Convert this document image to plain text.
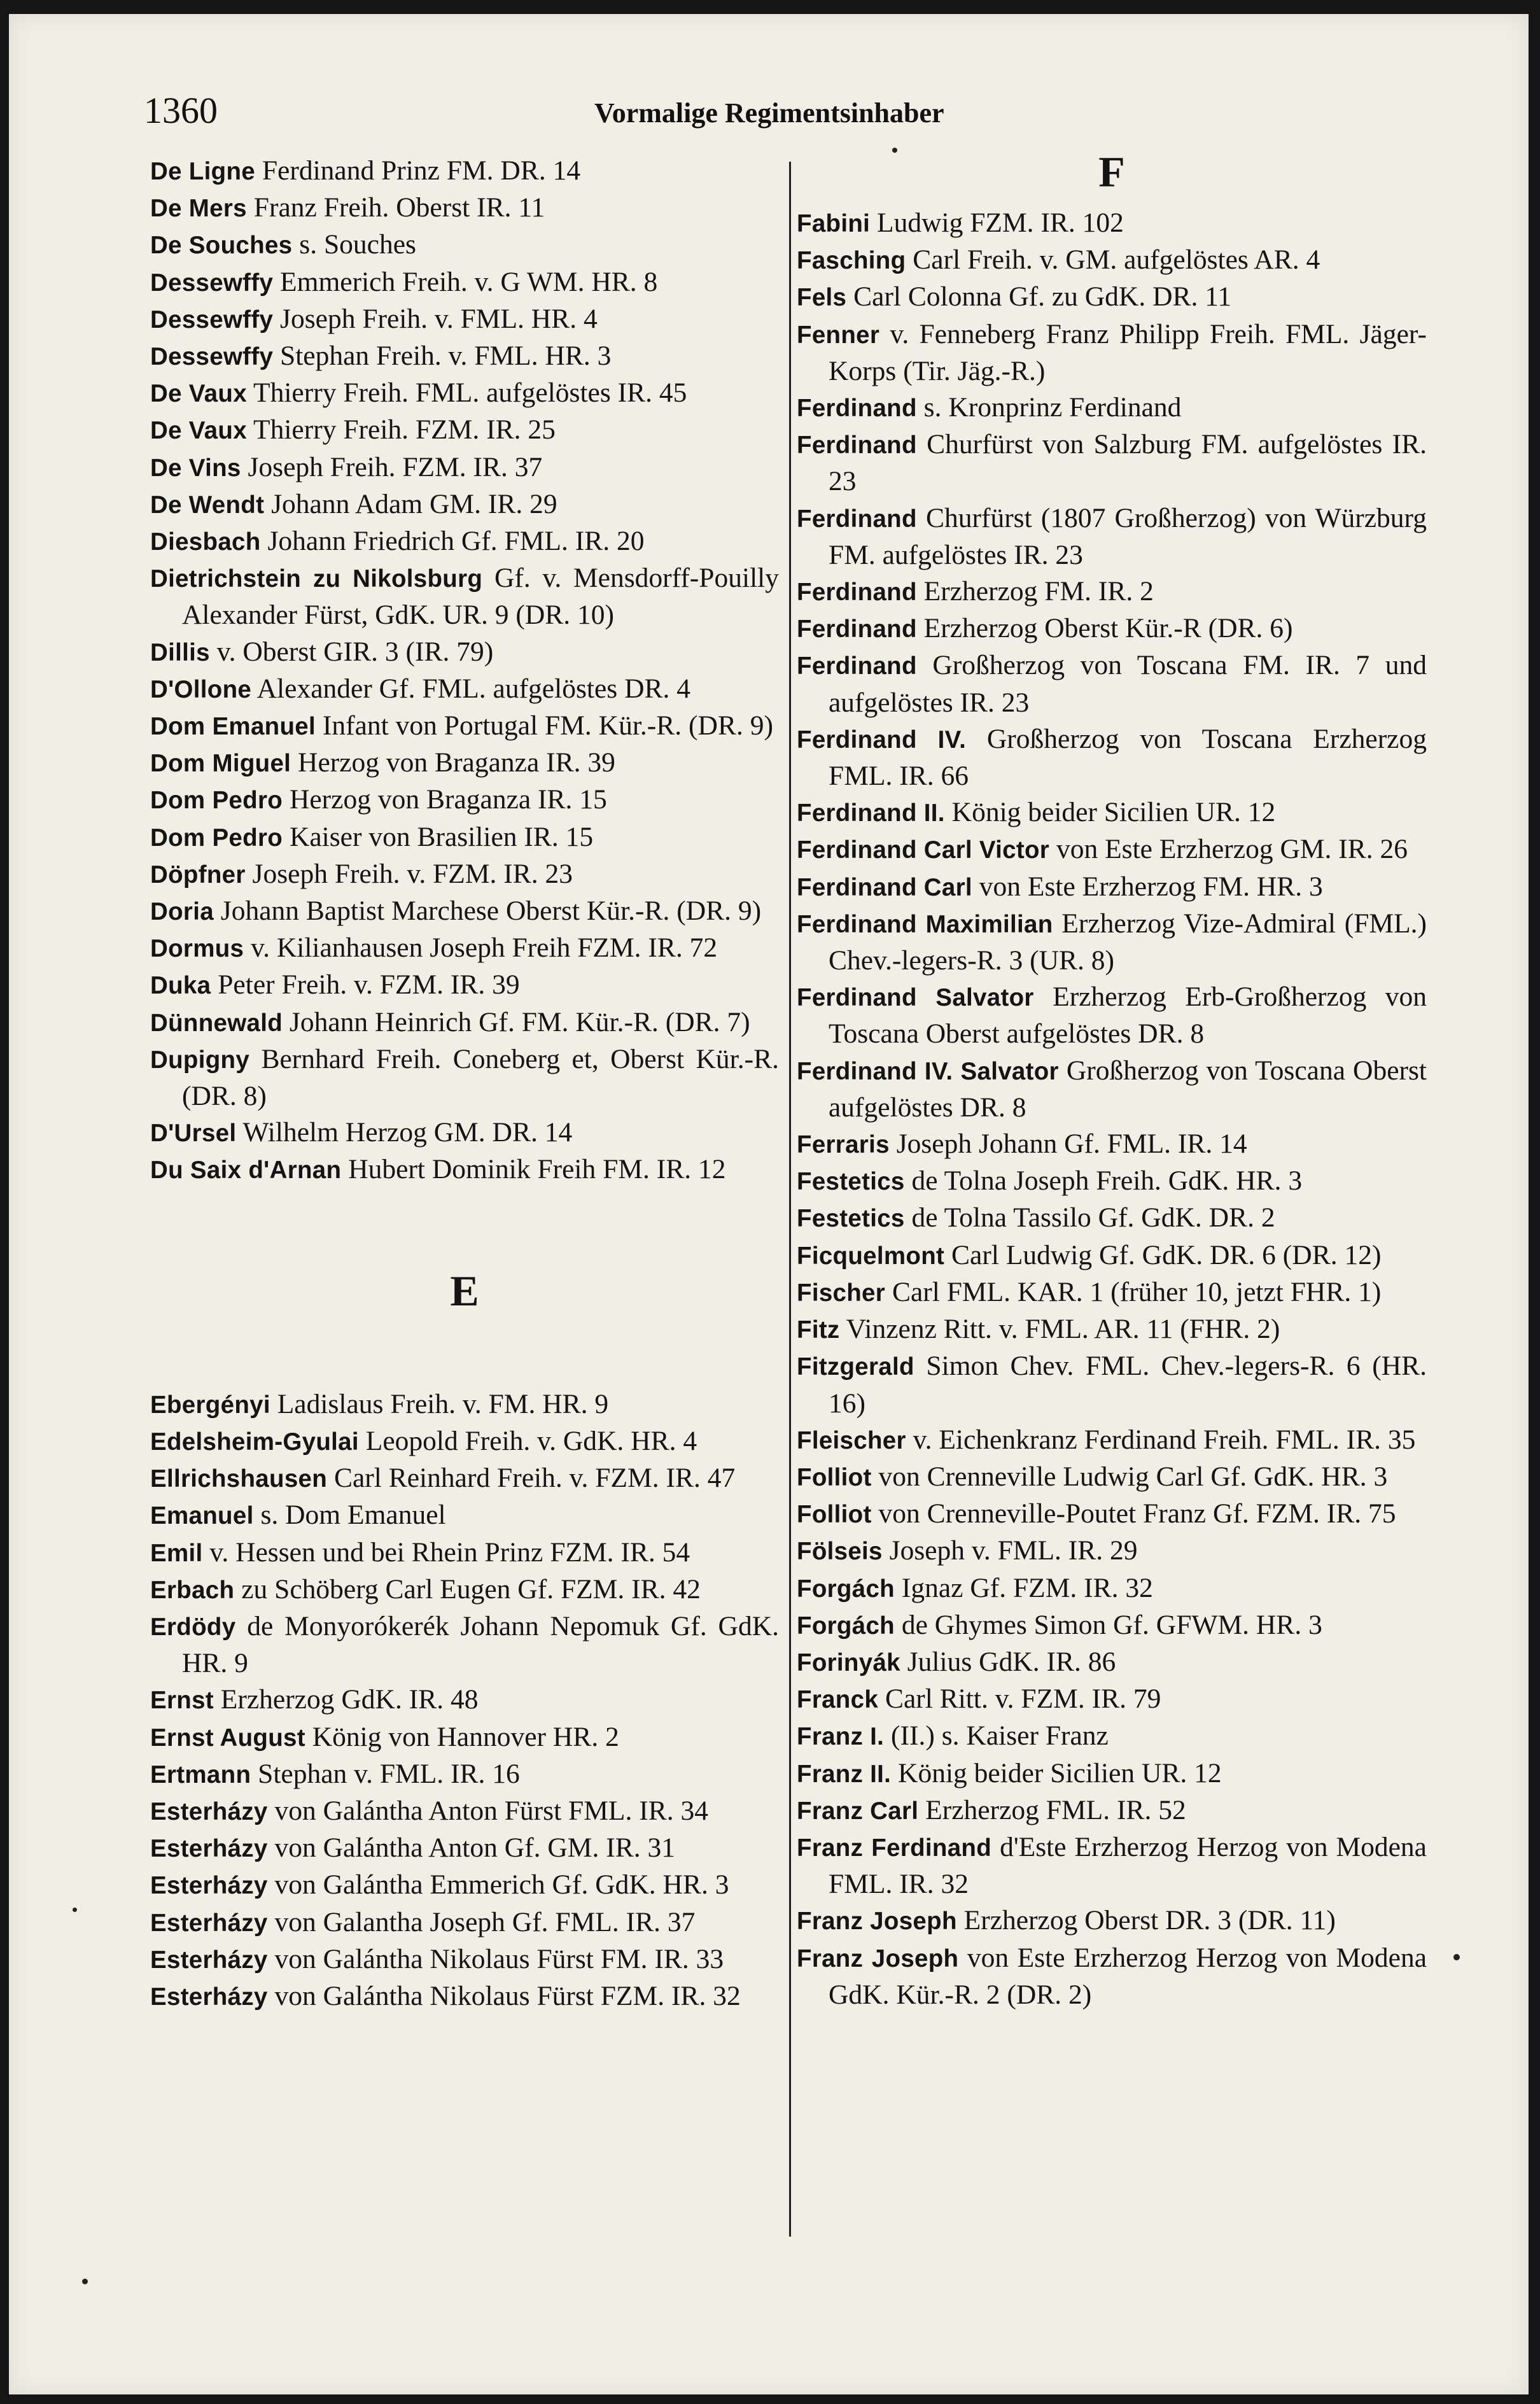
1360	Vormalige Regimentsinhaber

De Ligne Ferdinand Prinz FM. DR. 14

De Mers Franz Freih. Oberst IR. 11

De Souches s. Souches

Dessewffy Emmerich Freih. v. G WM. HR. 8

Dessewffy Joseph Freih. v. FML. HR. 4

Dessewffy Stephan Freih. v. FML. HR. 3

De Vaux Thierry Freih. FML. aufgelöstes IR. 45

De Vaux Thierry Freih. FZM. IR. 25

De Vins Joseph Freih. FZM. IR. 37

De Wendt Johann Adam GM. IR. 29

Diesbach Johann Friedrich Gf. FML. IR. 20

Dietrichstein zu Nikolsburg Gf. v. Mensdorff-Pouilly Alexander Fürst, GdK. UR. 9 (DR. 10)

Dillis v. Oberst GIR. 3 (IR. 79)

D'Ollone Alexander Gf. FML. aufgelöstes DR. 4

Dom Emanuel Infant von Portugal FM. Kür.-R. (DR. 9)

Dom Miguel Herzog von Braganza IR. 39

Dom Pedro Herzog von Braganza IR. 15

Dom Pedro Kaiser von Brasilien IR. 15

Döpfner Joseph Freih. v. FZM. IR. 23

Doria Johann Baptist Marchese Oberst Kür.-R. (DR. 9)

Dormus v. Kilianhausen Joseph Freih FZM. IR. 72

Duka Peter Freih. v. FZM. IR. 39

Dünnewald Johann Heinrich Gf. FM. Kür.-R. (DR. 7)

Dupigny Bernhard Freih. Coneberg et, Oberst Kür.-R. (DR. 8)

D'Ursel Wilhelm Herzog GM. DR. 14

Du Saix d'Arnan Hubert Dominik Freih FM. IR. 12

E

Ebergényi Ladislaus Freih. v. FM. HR. 9

Edelsheim-Gyulai Leopold Freih. v. GdK. HR. 4

Ellrichshausen Carl Reinhard Freih. v. FZM. IR. 47

Emanuel s. Dom Emanuel

Emil v. Hessen und bei Rhein Prinz FZM. IR. 54

Erbach zu Schöberg Carl Eugen Gf. FZM. IR. 42

Erdödy de Monyorókerék Johann Nepomuk Gf. GdK. HR. 9

Ernst Erzherzog GdK. IR. 48

Ernst August König von Hannover HR. 2

Ertmann Stephan v. FML. IR. 16

Esterházy von Galántha Anton Fürst FML. IR. 34

Esterházy von Galántha Anton Gf. GM. IR. 31

Esterházy von Galántha Emmerich Gf. GdK. HR. 3

Esterházy von Galantha Joseph Gf. FML. IR. 37

Esterházy von Galántha Nikolaus Fürst FM. IR. 33

Esterházy von Galántha Nikolaus Fürst FZM. IR. 32

F

Fabini Ludwig FZM. IR. 102

Fasching Carl Freih. v. GM. aufgelöstes AR. 4

Fels Carl Colonna Gf. zu GdK. DR. 11

Fenner v. Fenneberg Franz Philipp Freih. FML. Jäger-Korps (Tir. Jäg.-R.)

Ferdinand s. Kronprinz Ferdinand

Ferdinand Churfürst von Salzburg FM. aufgelöstes IR. 23

Ferdinand Churfürst (1807 Großherzog) von Würzburg FM. aufgelöstes IR. 23

Ferdinand Erzherzog FM. IR. 2

Ferdinand Erzherzog Oberst Kür.-R (DR. 6)

Ferdinand Großherzog von Toscana FM. IR. 7 und aufgelöstes IR. 23

Ferdinand IV. Großherzog von Toscana Erzherzog FML. IR. 66

Ferdinand II. König beider Sicilien UR. 12

Ferdinand Carl Victor von Este Erzherzog GM. IR. 26

Ferdinand Carl von Este Erzherzog FM. HR. 3

Ferdinand Maximilian Erzherzog Vize-Admiral (FML.) Chev.-legers-R. 3 (UR. 8)

Ferdinand Salvator Erzherzog Erb-Großherzog von Toscana Oberst aufgelöstes DR. 8

Ferdinand IV. Salvator Großherzog von Toscana Oberst aufgelöstes DR. 8

Ferraris Joseph Johann Gf. FML. IR. 14

Festetics de Tolna Joseph Freih. GdK. HR. 3

Festetics de Tolna Tassilo Gf. GdK. DR. 2

Ficquelmont Carl Ludwig Gf. GdK. DR. 6 (DR. 12)

Fischer Carl FML. KAR. 1 (früher 10, jetzt FHR. 1)

Fitz Vinzenz Ritt. v. FML. AR. 11 (FHR. 2)

Fitzgerald Simon Chev. FML. Chev.-legers-R. 6 (HR. 16)

Fleischer v. Eichenkranz Ferdinand Freih. FML. IR. 35

Folliot von Crenneville Ludwig Carl Gf. GdK. HR. 3

Folliot von Crenneville-Poutet Franz Gf. FZM. IR. 75

Fölseis Joseph v. FML. IR. 29

Forgách Ignaz Gf. FZM. IR. 32

Forgách de Ghymes Simon Gf. GFWM. HR. 3

Forinyák Julius GdK. IR. 86

Franck Carl Ritt. v. FZM. IR. 79

Franz I. (II.) s. Kaiser Franz

Franz II. König beider Sicilien UR. 12

Franz Carl Erzherzog FML. IR. 52

Franz Ferdinand d'Este Erzherzog Herzog von Modena FML. IR. 32

Franz Joseph Erzherzog Oberst DR. 3 (DR. 11)

Franz Joseph von Este Erzherzog Herzog von Modena GdK. Kür.-R. 2 (DR. 2)
